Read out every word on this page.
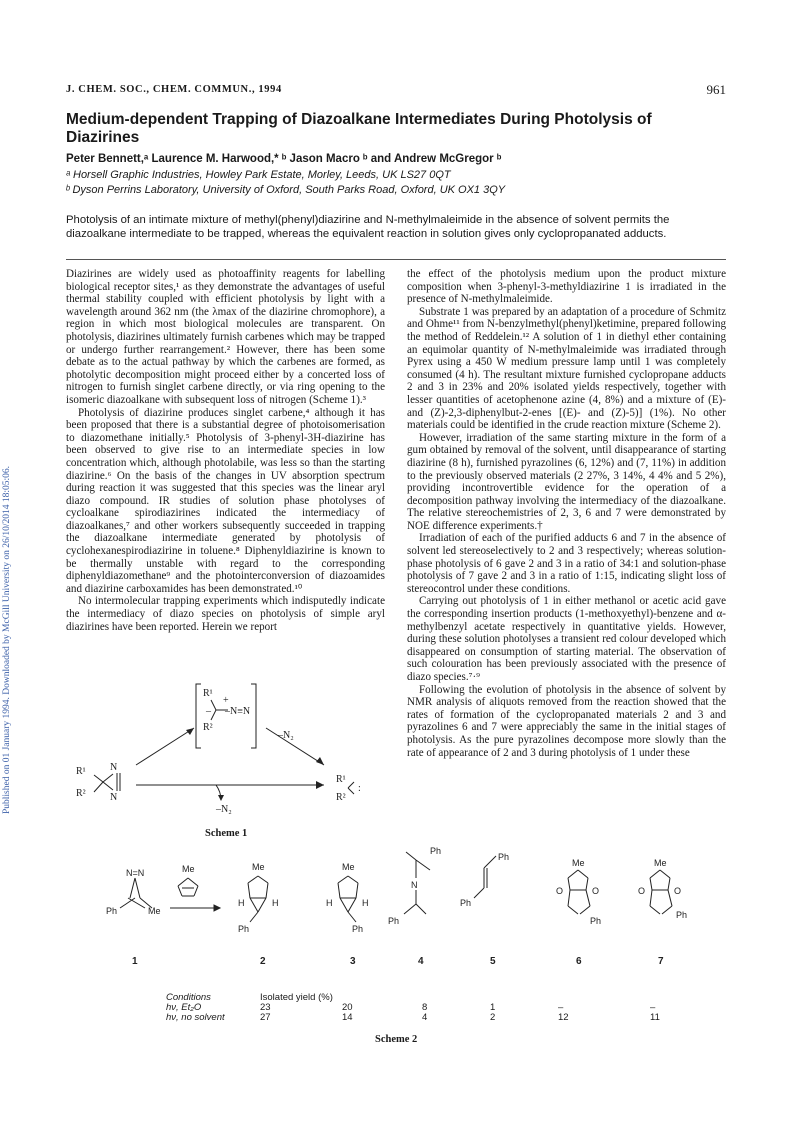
Published on 01 January 1994. Downloaded by McGill University on 26/10/2014 18:05:06.
J. CHEM. SOC., CHEM. COMMUN., 1994	961
Medium-dependent Trapping of Diazoalkane Intermediates During Photolysis of Diazirines
Peter Bennett,ᵃ Laurence M. Harwood,* ᵇ Jason Macro ᵇ and Andrew McGregor ᵇ
ᵃ Horsell Graphic Industries, Howley Park Estate, Morley, Leeds, UK LS27 0QT
ᵇ Dyson Perrins Laboratory, University of Oxford, South Parks Road, Oxford, UK OX1 3QY
Photolysis of an intimate mixture of methyl(phenyl)diazirine and N-methylmaleimide in the absence of solvent permits the diazoalkane intermediate to be trapped, whereas the equivalent reaction in solution gives only cyclopropanated adducts.

Diazirines are widely used as photoaffinity reagents for labelling biological receptor sites,¹ as they demonstrate the advantages of useful thermal stability coupled with efficient photolysis by light with a wavelength around 362 nm (the λmax of the diazirine chromophore), a region in which most biological molecules are transparent. On photolysis, diazirines ultimately furnish carbenes which may be trapped or undergo further rearrangement.² However, there has been some debate as to the actual pathway by which the carbenes are formed, as photolytic decomposition might proceed either by a concerted loss of nitrogen to furnish singlet carbene directly, or via ring opening to the isomeric diazoalkane with subsequent loss of nitrogen (Scheme 1).³

Photolysis of diazirine produces singlet carbene,⁴ although it has been proposed that there is a substantial degree of photoisomerisation to diazomethane initially.⁵ Photolysis of 3-phenyl-3H-diazirine has been observed to give rise to an intermediate species in low concentration which, although photolabile, was less so than the starting diazirine.⁶ On the basis of the changes in UV absorption spectrum during reaction it was suggested that this species was the linear aryl diazo compound. IR studies of solution phase photolyses of cycloalkane spirodiazirines indicated the intermediacy of diazoalkanes,⁷ and other workers subsequently succeeded in trapping the diazoalkane intermediate generated by photolysis of cyclohexanespirodiazirine in toluene.⁸ Diphenyldiazirine is known to be thermally unstable with regard to the corresponding diphenyldiazomethane⁹ and the photointerconversion of diazoamides and diazirine carboxamides has been demonstrated.¹⁰

No intermolecular trapping experiments which indisputedly indicate the intermediacy of diazo species on photolysis of simple aryl diazirines have been reported. Herein we report

the effect of the photolysis medium upon the product mixture composition when 3-phenyl-3-methyldiazirine 1 is irradiated in the presence of N-methylmaleimide.

Substrate 1 was prepared by an adaptation of a procedure of Schmitz and Ohme¹¹ from N-benzylmethyl(phenyl)ketimine, prepared following the method of Reddelein.¹² A solution of 1 in diethyl ether containing an equimolar quantity of N-methylmaleimide was irradiated through Pyrex using a 450 W medium pressure lamp until 1 was completely consumed (4 h). The resultant mixture furnished cyclopropane adducts 2 and 3 in 23% and 20% isolated yields respectively, together with lesser quantities of acetophenone azine (4, 8%) and a mixture of (E)- and (Z)-2,3-diphenylbut-2-enes [(E)- and (Z)-5)] (1%). No other materials could be identified in the crude reaction mixture (Scheme 2).

However, irradiation of the same starting mixture in the form of a gum obtained by removal of the solvent, until disappearance of starting diazirine (8 h), furnished pyrazolines (6, 12%) and (7, 11%) in addition to the previously observed materials (2 27%, 3 14%, 4 4% and 5 2%), providing incontrovertible evidence for the operation of a decomposition pathway involving the intermediacy of the diazoalkane. The relative stereochemistries of 2, 3, 6 and 7 were demonstrated by NOE difference experiments.†

Irradiation of each of the purified adducts 6 and 7 in the absence of solvent led stereoselectively to 2 and 3 respectively; whereas solution-phase photolysis of 6 gave 2 and 3 in a ratio of 34:1 and solution-phase photolysis of 7 gave 2 and 3 in a ratio of 1:15, indicating slight loss of stereocontrol under these conditions.

Carrying out photolysis of 1 in either methanol or acetic acid gave the corresponding insertion products (1-methoxyethyl)-benzene and α-methylbenzyl acetate respectively in quantitative yields. However, during these solution photolyses a transient red colour developed which disappeared on consumption of starting material. The observation of such colouration has been previously associated with the presence of diazo species.⁷·⁹

Following the evolution of photolysis in the absence of solvent by NMR analysis of aliquots removed from the reaction showed that the rates of formation of the cyclopropanated materials 2 and 3 and pyrazolines 6 and 7 were appreciably the same in the initial stages of photolysis. As the pure pyrazolines decompose more slowly than the rate of appearance of 2 and 3 during photolysis of 1 under these

R¹
R²
+
–N≡N
–
R¹
R²
N
N
–N₂
–N₂
R¹
R²
:
Scheme 1
N=N
Ph	Me
Me	Me
H	H
Ph
Me
H	H
Ph
Ph
N
Ph
Ph
Ph
Me
O	O
Ph
Me
O	O
Ph
1	2	3	4	5	6	7
Conditions	Isolated yield (%)
hν, Et₂O	23	20	8	1	–	–
hν, no solvent	27	14	4	2	12	11
Scheme 2
